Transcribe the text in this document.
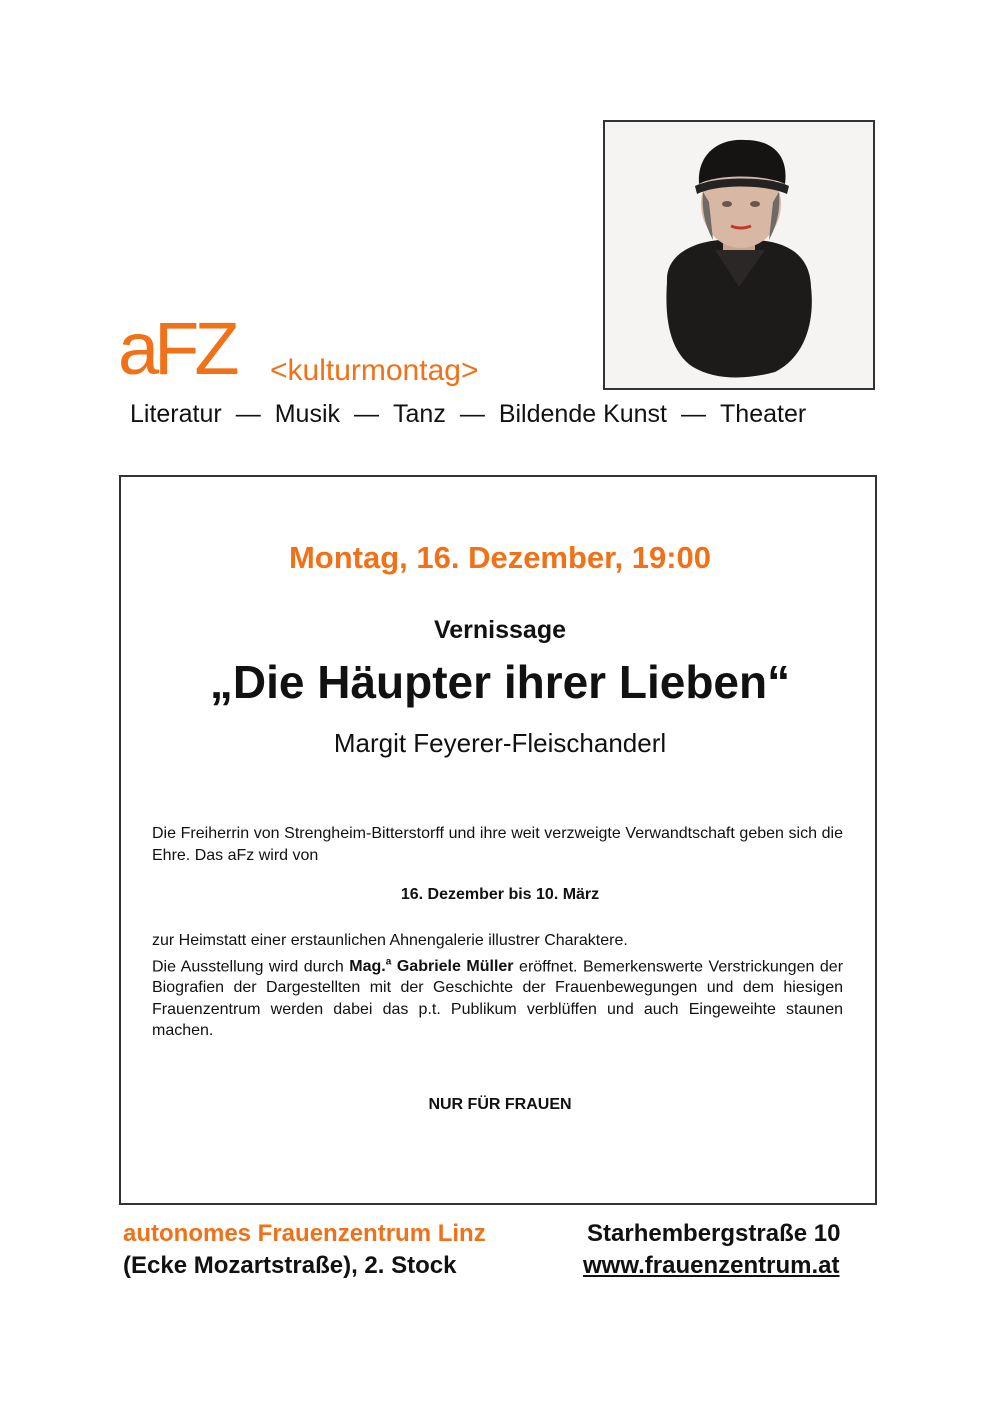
aFZ <kulturmontag>
Literatur — Musik — Tanz — Bildende Kunst — Theater
Montag, 16. Dezember, 19:00
Vernissage
„Die Häupter ihrer Lieben“
Margit Feyerer-Fleischanderl
Die Freiherrin von Strengheim-Bitterstorff und ihre weit verzweigte Verwandtschaft geben sich die Ehre. Das aFz wird von
16. Dezember bis 10. März
zur Heimstatt einer erstaunlichen Ahnengalerie illustrer Charaktere.
Die Ausstellung wird durch Mag.$^a$ Gabriele Müller eröffnet. Bemerkenswerte Verstrickungen der Biografien der Dargestellten mit der Geschichte der Frauenbewegungen und dem hiesigen Frauenzentrum werden dabei das p.t. Publikum verblüffen und auch Eingeweihte staunen machen.
NUR FÜR FRAUEN
autonomes Frauenzentrum Linz
(Ecke Mozartstraße), 2. Stock
Starhembergstraße 10
www.frauenzentrum.at
